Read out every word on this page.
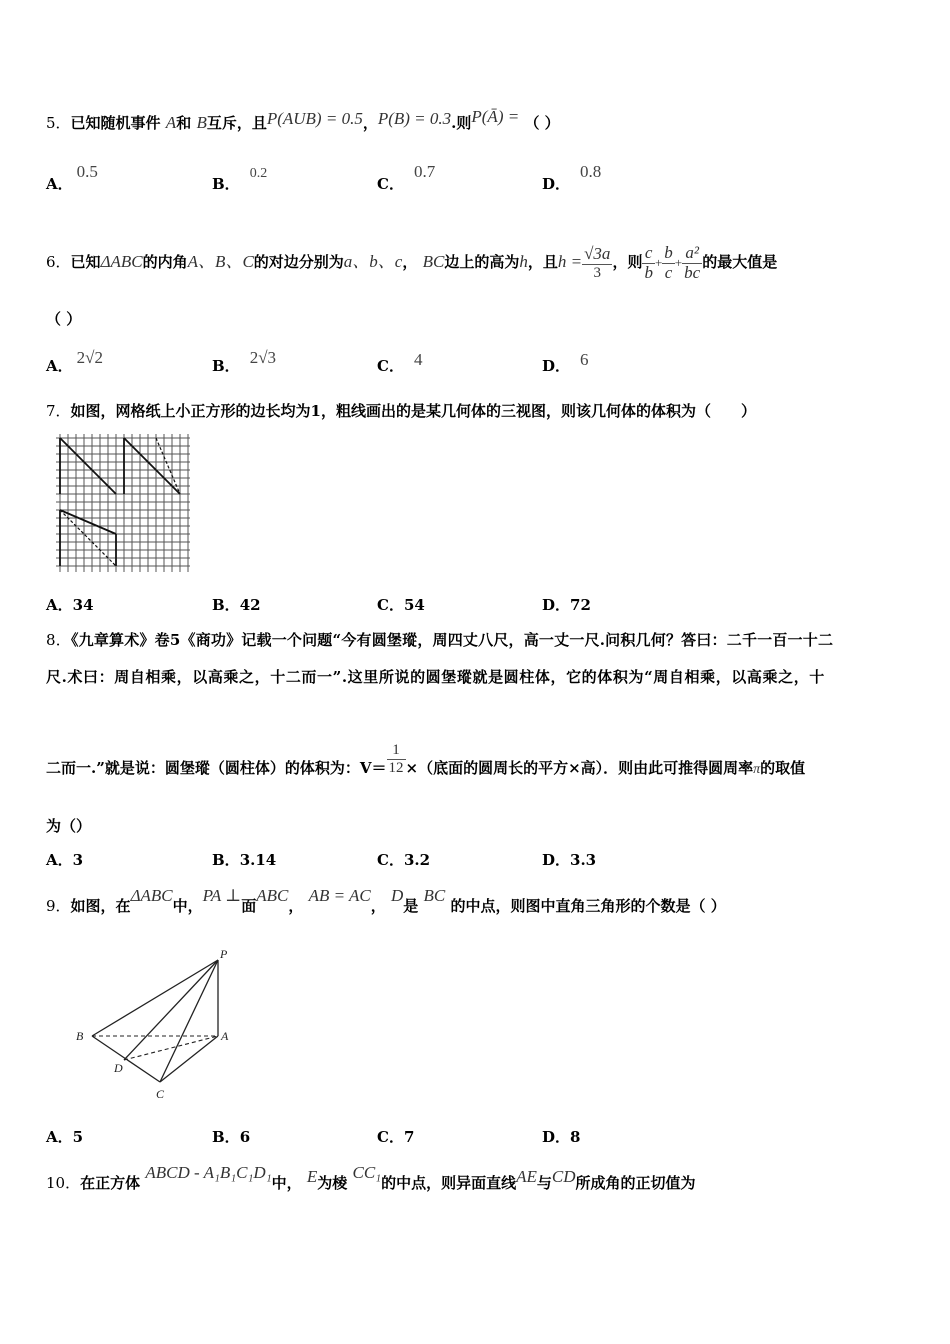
5．已知随机事件 A和 B互斥，且P(AUB) = 0.5，P(B) = 0.3.则P(Ā) = （ ）
A．0.5
B．0.2
C．0.7
D．0.8
6．已知ΔABC的内角A、B、C的对边分别为a、b、c， BC边上的高为h，且$h = \frac{√3a}{3}$ ，则 $\frac{c}{b} + \frac{b}{c} + \frac{\text{a²}}{bc}$ 的最大值是
（ ）
A． 2√2	B． 2√3	C． 4	D． 6
7．如图，网格纸上小正方形的边长均为1，粗线画出的是某几何体的三视图，则该几何体的体积为（　　）
A．34	B．42	C．54	D．72
8．《九章算术》卷5《商功》记载一个问题“今有圆堡瑽，周四丈八尺，高一丈一尺.问积几何？答曰：二千一百一十二
尺.术曰：周自相乘，以高乘之，十二而一”.这里所说的圆堡瑽就是圆柱体，它的体积为“周自相乘，以高乘之，十
二而一.”就是说：圆堡瑽（圆柱体）的体积为：$V= \frac{1}{12}$ ×（底面的圆周长的平方×高）．则由此可推得圆周率π的取值
为（）
A．3	B．3.14	C．3.2	D．3.3
9．如图，在ΔABC中，PA ⊥面ABC， AB = AC， D是 BC 的中点，则图中直角三角形的个数是（ ）
P
B	A
D
C
A．5	B．6	C．7	D．8
10．在正方体 ABCD - A₁B₁C₁D₁中， E为棱 CC₁的中点，则异面直线AE与CD所成角的正切值为
